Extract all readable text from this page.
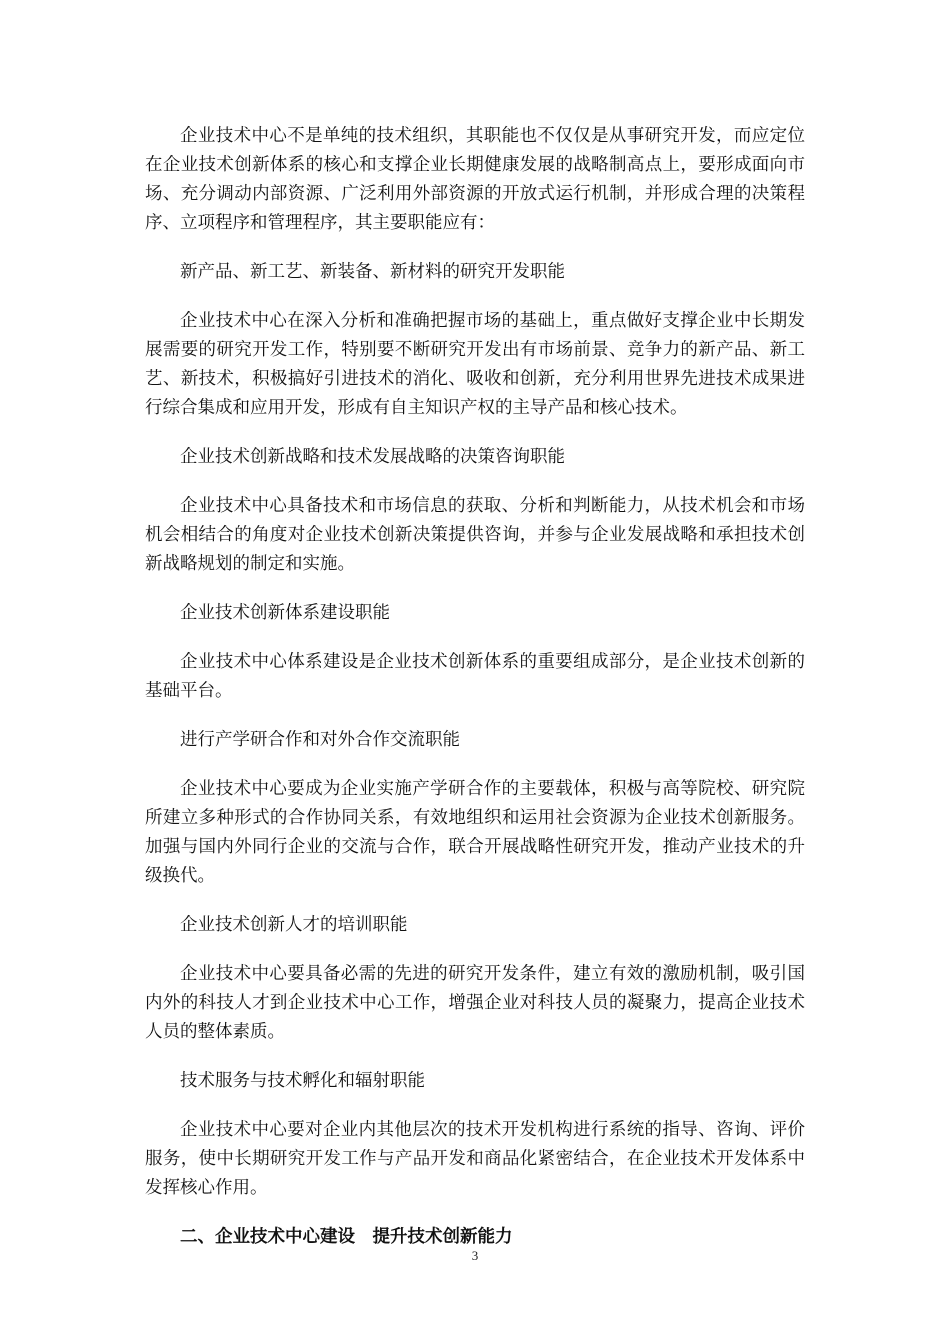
企业技术中心不是单纯的技术组织，其职能也不仅仅是从事研究开发，而应定位在企业技术创新体系的核心和支撑企业长期健康发展的战略制高点上，要形成面向市场、充分调动内部资源、广泛利用外部资源的开放式运行机制，并形成合理的决策程序、立项程序和管理程序，其主要职能应有：

新产品、新工艺、新装备、新材料的研究开发职能

企业技术中心在深入分析和准确把握市场的基础上，重点做好支撑企业中长期发展需要的研究开发工作，特别要不断研究开发出有市场前景、竞争力的新产品、新工艺、新技术，积极搞好引进技术的消化、吸收和创新，充分利用世界先进技术成果进行综合集成和应用开发，形成有自主知识产权的主导产品和核心技术。

企业技术创新战略和技术发展战略的决策咨询职能

企业技术中心具备技术和市场信息的获取、分析和判断能力，从技术机会和市场机会相结合的角度对企业技术创新决策提供咨询，并参与企业发展战略和承担技术创新战略规划的制定和实施。

企业技术创新体系建设职能

企业技术中心体系建设是企业技术创新体系的重要组成部分，是企业技术创新的基础平台。

进行产学研合作和对外合作交流职能

企业技术中心要成为企业实施产学研合作的主要载体，积极与高等院校、研究院所建立多种形式的合作协同关系，有效地组织和运用社会资源为企业技术创新服务。加强与国内外同行企业的交流与合作，联合开展战略性研究开发，推动产业技术的升级换代。

企业技术创新人才的培训职能

企业技术中心要具备必需的先进的研究开发条件，建立有效的激励机制，吸引国内外的科技人才到企业技术中心工作，增强企业对科技人员的凝聚力，提高企业技术人员的整体素质。

技术服务与技术孵化和辐射职能

企业技术中心要对企业内其他层次的技术开发机构进行系统的指导、咨询、评价服务，使中长期研究开发工作与产品开发和商品化紧密结合，在企业技术开发体系中发挥核心作用。

二、企业技术中心建设　提升技术创新能力

3
